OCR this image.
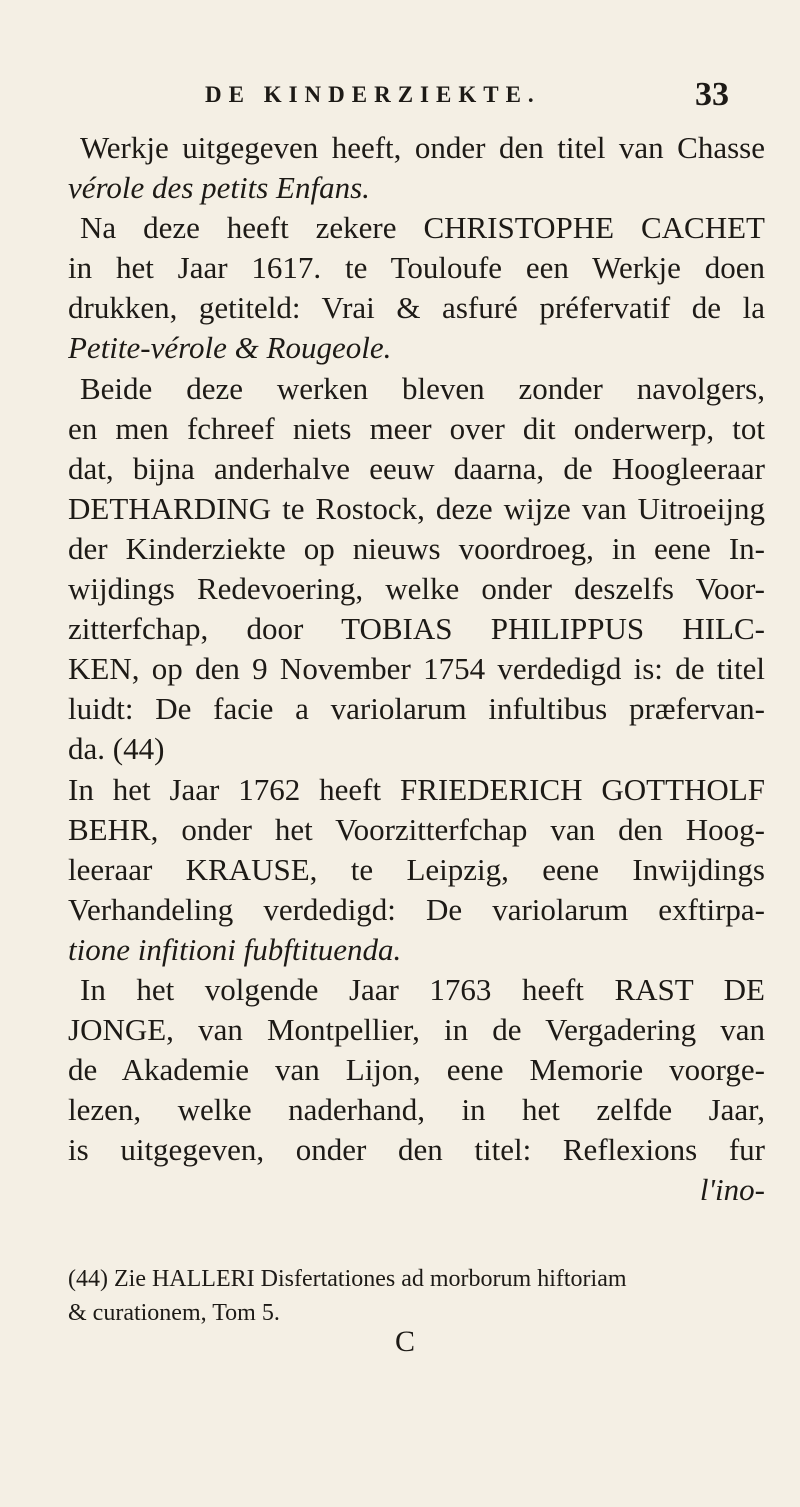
DE KINDERZIEKTE.	33
Werkje uitgegeven heeft, onder den titel van Chasse
vérole des petits Enfans.
Na deze heeft zekere CHRISTOPHE CACHET
in het Jaar 1617. te Touloufe een Werkje doen
drukken, getiteld: Vrai & asfuré préfervatif de la
Petite-vérole & Rougeole.
Beide deze werken bleven zonder navolgers,
en men fchreef niets meer over dit onderwerp, tot
dat, bijna anderhalve eeuw daarna, de Hoogleeraar
DETHARDING te Rostock, deze wijze van Uitroeijng
der Kinderziekte op nieuws voordroeg, in eene In-
wijdings Redevoering, welke onder deszelfs Voor-
zitterfchap, door TOBIAS PHILIPPUS HILC-
KEN, op den 9 November 1754 verdedigd is: de titel
luidt: De facie a variolarum infultibus præfervan-
da. (44)
In het Jaar 1762 heeft FRIEDERICH GOTTHOLF
BEHR, onder het Voorzitterfchap van den Hoog-
leeraar KRAUSE, te Leipzig, eene Inwijdings
Verhandeling verdedigd: De variolarum exftirpa-
tione infitioni fubftituenda.
In het volgende Jaar 1763 heeft RAST DE
JONGE, van Montpellier, in de Vergadering van
de Akademie van Lijon, eene Memorie voorge-
lezen, welke naderhand, in het zelfde Jaar,
is uitgegeven, onder den titel: Reflexions fur
l'ino-
(44) Zie HALLERI Disfertationes ad morborum hiftoriam
& curationem, Tom 5.
C
